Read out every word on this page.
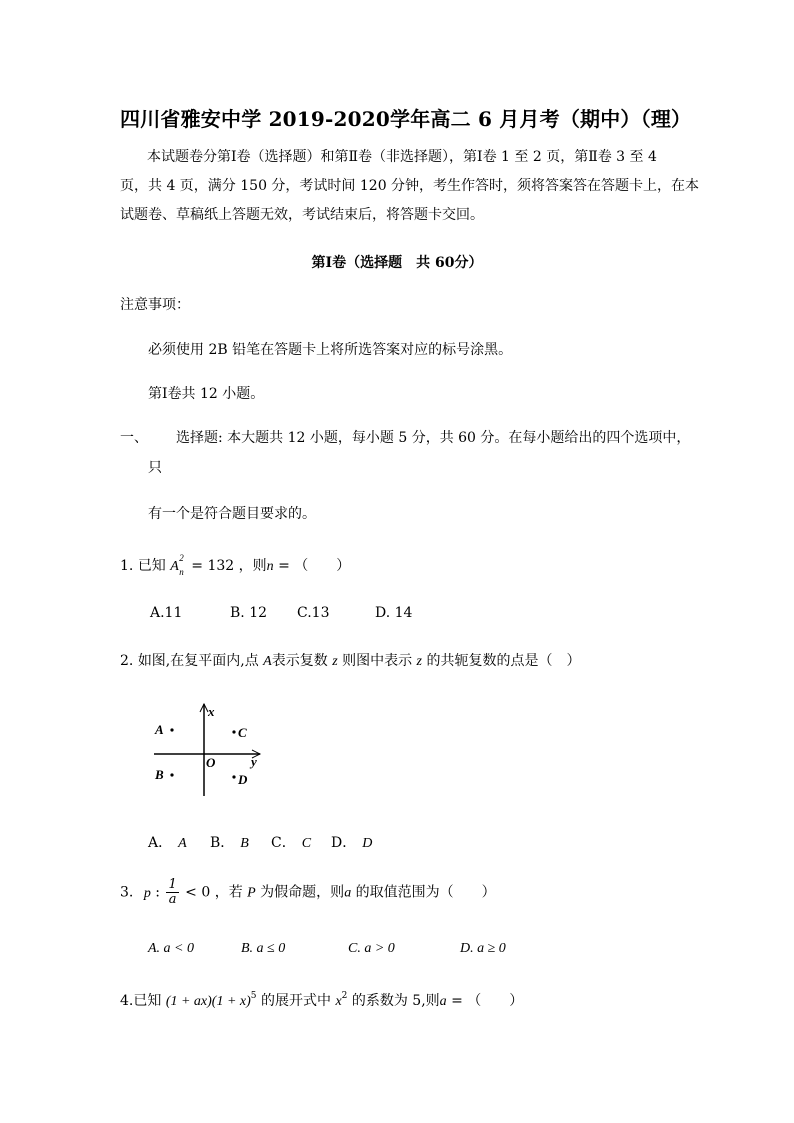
四川省雅安中学 2019-2020学年高二 6 月月考（期中）（理）
本试题卷分第Ⅰ卷（选择题）和第Ⅱ卷（非选择题），第Ⅰ卷 1 至 2 页，第Ⅱ卷 3 至 4
页，共 4 页，满分 150 分，考试时间 120 分钟，考生作答时，须将答案答在答题卡上，在本
试题卷、草稿纸上答题无效，考试结束后，将答题卡交回。
第Ⅰ卷（选择题　共 60分）
注意事项：
必须使用 2B 铅笔在答题卡上将所选答案对应的标号涂黑。
第Ⅰ卷共 12 小题。
一、 选择题: 本大题共 12 小题，每小题 5 分，共 60 分。在每小题给出的四个选项中，
只
有一个是符合题目要求的。
1. 已知 A
2
n = 132 ，则n = （　　）
A.11	B. 12 C.13	D. 14
2. 如图,在复平面内,点 A表示复数 z 则图中表示 z 的共轭复数的点是（　）
x
y
O
A	C
B	D
A． A B． B C． C D． D
3. p : $\frac{1}{a} < 0$ ，若 P 为假命题，则a 的取值范围为（　　）
A. a < 0	B. a ≤ 0	C. a > 0	D. a ≥ 0
4.已知 $(1 + ax)(1 + x)^5$ 的展开式中 $x^2$ 的系数为 5,则a = （　　）
